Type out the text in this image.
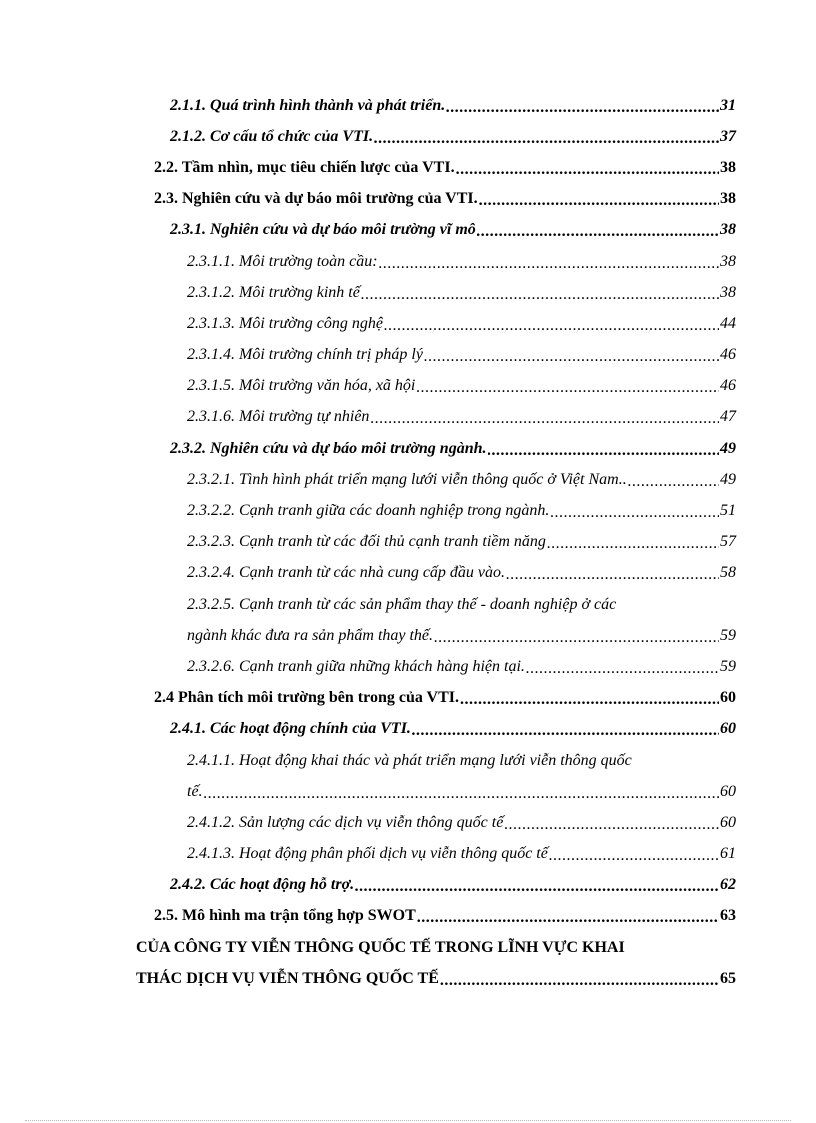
2.1.1. Quá trình hình thành và phát triển. .....	31
2.1.2. Cơ cấu tổ chức của VTI. .....	37
2.2. Tầm nhìn, mục tiêu chiến lược của VTI. .....	38
2.3. Nghiên cứu và dự báo môi trường của VTI. .....	38
2.3.1. Nghiên cứu và dự báo môi trường vĩ mô .....	38
2.3.1.1. Môi trường toàn cầu: .....	38
2.3.1.2. Môi trường kinh tế .....	38
2.3.1.3. Môi trường công nghệ .....	44
2.3.1.4. Môi trường chính trị pháp lý .....	46
2.3.1.5. Môi trường văn hóa, xã hội .....	46
2.3.1.6. Môi trường tự nhiên .....	47
2.3.2. Nghiên cứu và dự báo môi trường ngành. .....	49
2.3.2.1. Tình hình phát triển mạng lưới viễn thông quốc ở Việt Nam.. .....	49
2.3.2.2. Cạnh tranh giữa các doanh nghiệp trong ngành. .....	51
2.3.2.3. Cạnh tranh từ các đối thủ cạnh tranh tiềm năng .....	57
2.3.2.4. Cạnh tranh từ các nhà cung cấp đầu vào. .....	58
2.3.2.5. Cạnh tranh từ các sản phẩm thay thế - doanh nghiệp ở các
ngành khác đưa ra sản phẩm thay thế. .....	59
2.3.2.6. Cạnh tranh giữa những khách hàng hiện tại. .....	59
2.4 Phân tích môi trường bên trong của VTI. .....	60
2.4.1. Các hoạt động chính của VTI. .....	60
2.4.1.1. Hoạt động khai thác và phát triển mạng lưới viễn thông quốc
tế. .....	60
2.4.1.2. Sản lượng các dịch vụ viễn thông quốc tế .....	60
2.4.1.3. Hoạt động phân phối dịch vụ viễn thông quốc tế .....	61
2.4.2. Các hoạt động hỗ trợ. .....	62
2.5. Mô hình ma trận tổng hợp SWOT .....	63
CỦA CÔNG TY VIỄN THÔNG QUỐC TẾ TRONG LĨNH VỰC KHAI
THÁC DỊCH VỤ VIỄN THÔNG QUỐC TẾ .....	65
